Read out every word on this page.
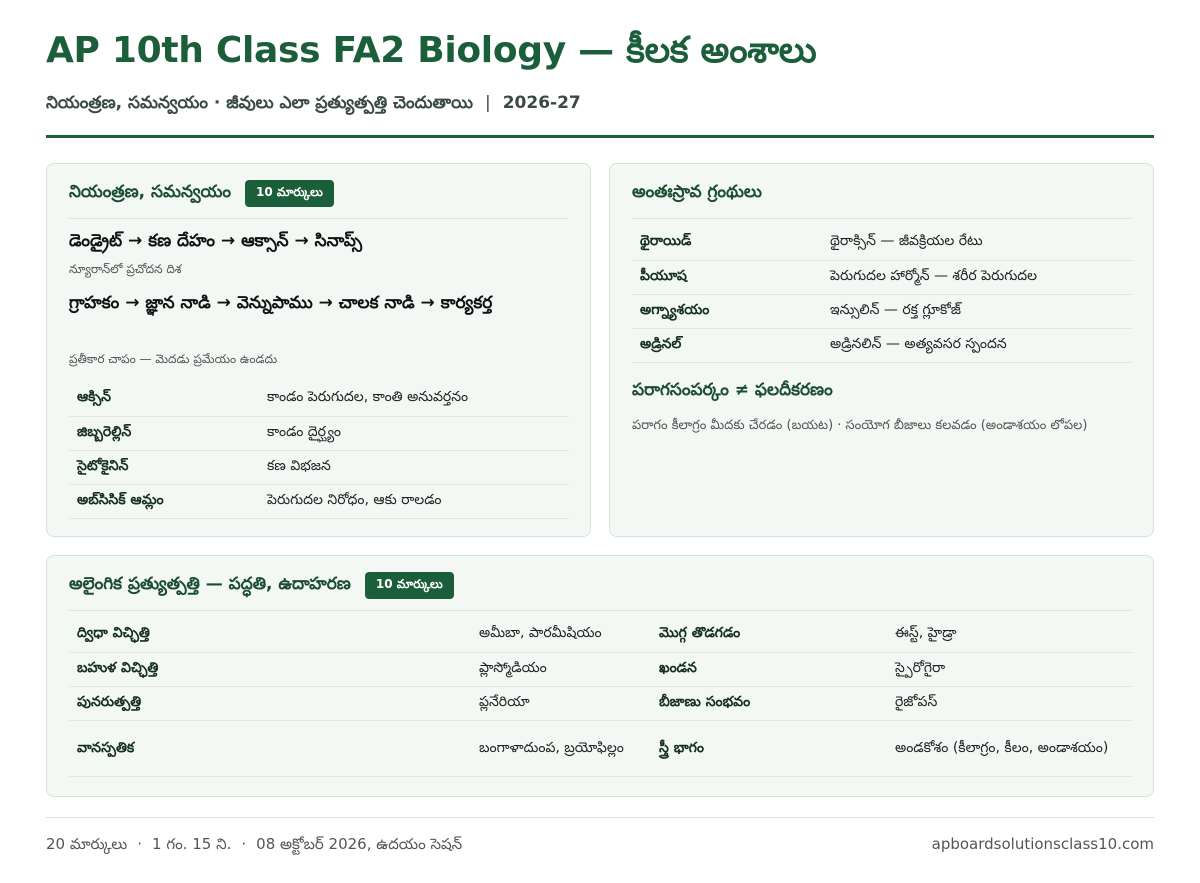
AP 10th Class FA2 Biology — కీలక అంశాలు
నియంత్రణ, సమన్వయం · జీవులు ఎలా ప్రత్యుత్పత్తి చెందుతాయి | 2026-27
నియంత్రణ, సమన్వయం	10 మార్కులు
డెండ్రైట్ → కణ దేహం → ఆక్సాన్ → సినాప్స్
న్యూరాన్‌లో ప్రచోదన దిశ
గ్రాహకం → జ్ఞాన నాడి → వెన్నుపాము → చాలక నాడి → కార్యకర్త
ప్రతీకార చాపం — మెదడు ప్రమేయం ఉండదు
ఆక్సిన్	కాండం పెరుగుదల, కాంతి అనువర్తనం
జిబ్బరెల్లిన్	కాండం దైర్ఘ్యం
సైటోకైనిన్	కణ విభజన
అబ్‌సిసిక్ ఆమ్లం	పెరుగుదల నిరోధం, ఆకు రాలడం
అంతఃస్రావ గ్రంథులు
థైరాయిడ్	థైరాక్సిన్ — జీవక్రియల రేటు
పీయూష	పెరుగుదల హార్మోన్ — శరీర పెరుగుదల
అగ్న్యాశయం	ఇన్సులిన్ — రక్త గ్లూకోజ్
అడ్రినల్	అడ్రినలిన్ — అత్యవసర స్పందన
పరాగసంపర్కం ≠ ఫలదీకరణం
పరాగం కీలాగ్రం మీదకు చేరడం (బయట) · సంయోగ బీజాలు కలవడం (అండాశయం లోపల)
అలైంగిక ప్రత్యుత్పత్తి — పద్ధతి, ఉదాహరణ	10 మార్కులు
ద్విధా విచ్ఛిత్తి	అమీబా, పారమీషియం	మొగ్గ తొడగడం	ఈస్ట్, హైడ్రా
బహుళ విచ్ఛిత్తి	ప్లాస్మోడియం	ఖండన	స్పైరోగైరా
పునరుత్పత్తి	ప్లనేరియా	బీజాణు సంభవం	రైజోపస్
వానస్పతిక	బంగాళాదుంప, బ్రయోఫిల్లం	స్త్రీ భాగం	అండకోశం (కీలాగ్రం, కీలం, అండాశయం)
20 మార్కులు · 1 గం. 15 ని. · 08 అక్టోబర్ 2026, ఉదయం సెషన్	apboardsolutionsclass10.com
